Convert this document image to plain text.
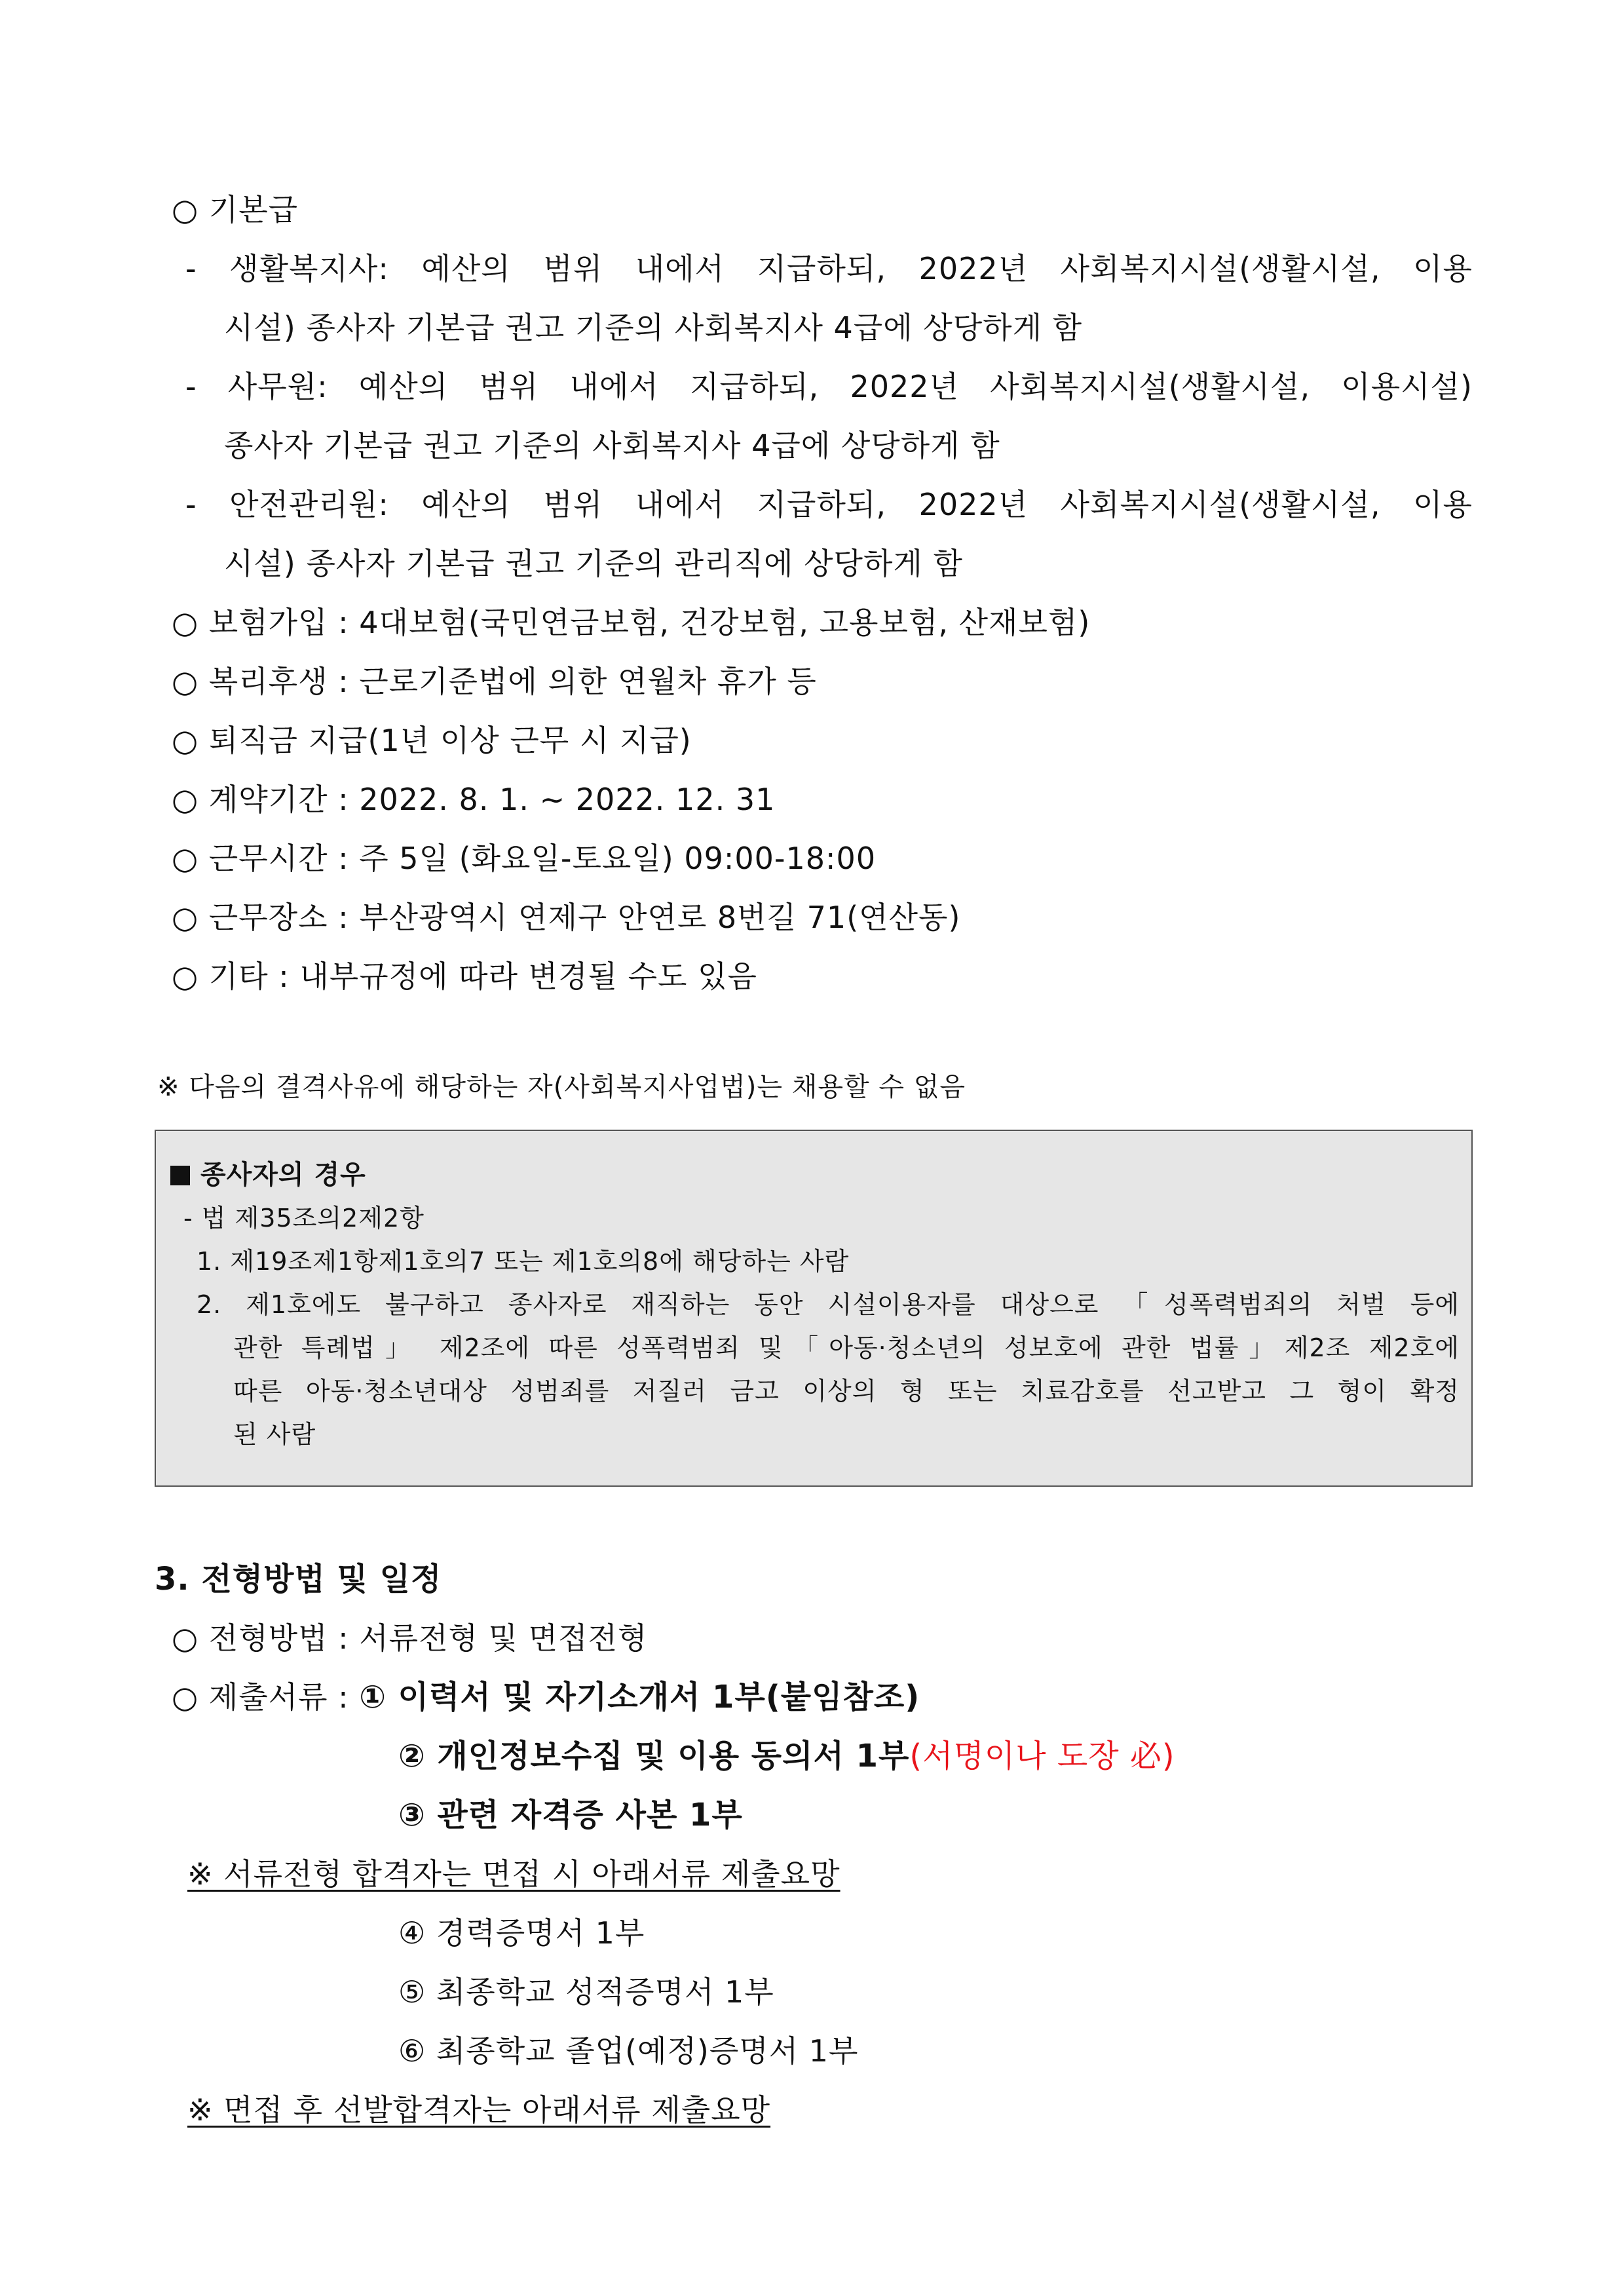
○ 기본급
- 생활복지사: 예산의 범위 내에서 지급하되, 2022년 사회복지시설(생활시설, 이용
시설) 종사자 기본급 권고 기준의 사회복지사 4급에 상당하게 함
- 사무원: 예산의 범위 내에서 지급하되, 2022년 사회복지시설(생활시설, 이용시설)
종사자 기본급 권고 기준의 사회복지사 4급에 상당하게 함
- 안전관리원: 예산의 범위 내에서 지급하되, 2022년 사회복지시설(생활시설, 이용
시설) 종사자 기본급 권고 기준의 관리직에 상당하게 함
○ 보험가입 : 4대보험(국민연금보험, 건강보험, 고용보험, 산재보험)
○ 복리후생 : 근로기준법에 의한 연월차 휴가 등
○ 퇴직금 지급(1년 이상 근무 시 지급)
○ 계약기간 : 2022. 8. 1. ~ 2022. 12. 31
○ 근무시간 : 주 5일 (화요일-토요일) 09:00-18:00
○ 근무장소 : 부산광역시 연제구 안연로 8번길 71(연산동)
○ 기타 : 내부규정에 따라 변경될 수도 있음
※ 다음의 결격사유에 해당하는 자(사회복지사업법)는 채용할 수 없음
종사자의 경우
- 법 제35조의2제2항
1. 제19조제1항제1호의7 또는 제1호의8에 해당하는 사람
2. 제1호에도 불구하고 종사자로 재직하는 동안 시설이용자를 대상으로 「성폭력범죄의 처벌 등에
관한 특례법」 제2조에 따른 성폭력범죄 및「아동·청소년의 성보호에 관한 법률」제2조 제2호에
따른 아동·청소년대상 성범죄를 저질러 금고 이상의 형 또는 치료감호를 선고받고 그 형이 확정
된 사람
3. 전형방법 및 일정
○ 전형방법 : 서류전형 및 면접전형
○ 제출서류 : ① 이력서 및 자기소개서 1부(붙임참조)
② 개인정보수집 및 이용 동의서 1부(서명이나 도장 必)
③ 관련 자격증 사본 1부
※ 서류전형 합격자는 면접 시 아래서류 제출요망
④ 경력증명서 1부
⑤ 최종학교 성적증명서 1부
⑥ 최종학교 졸업(예정)증명서 1부
※ 면접 후 선발합격자는 아래서류 제출요망
